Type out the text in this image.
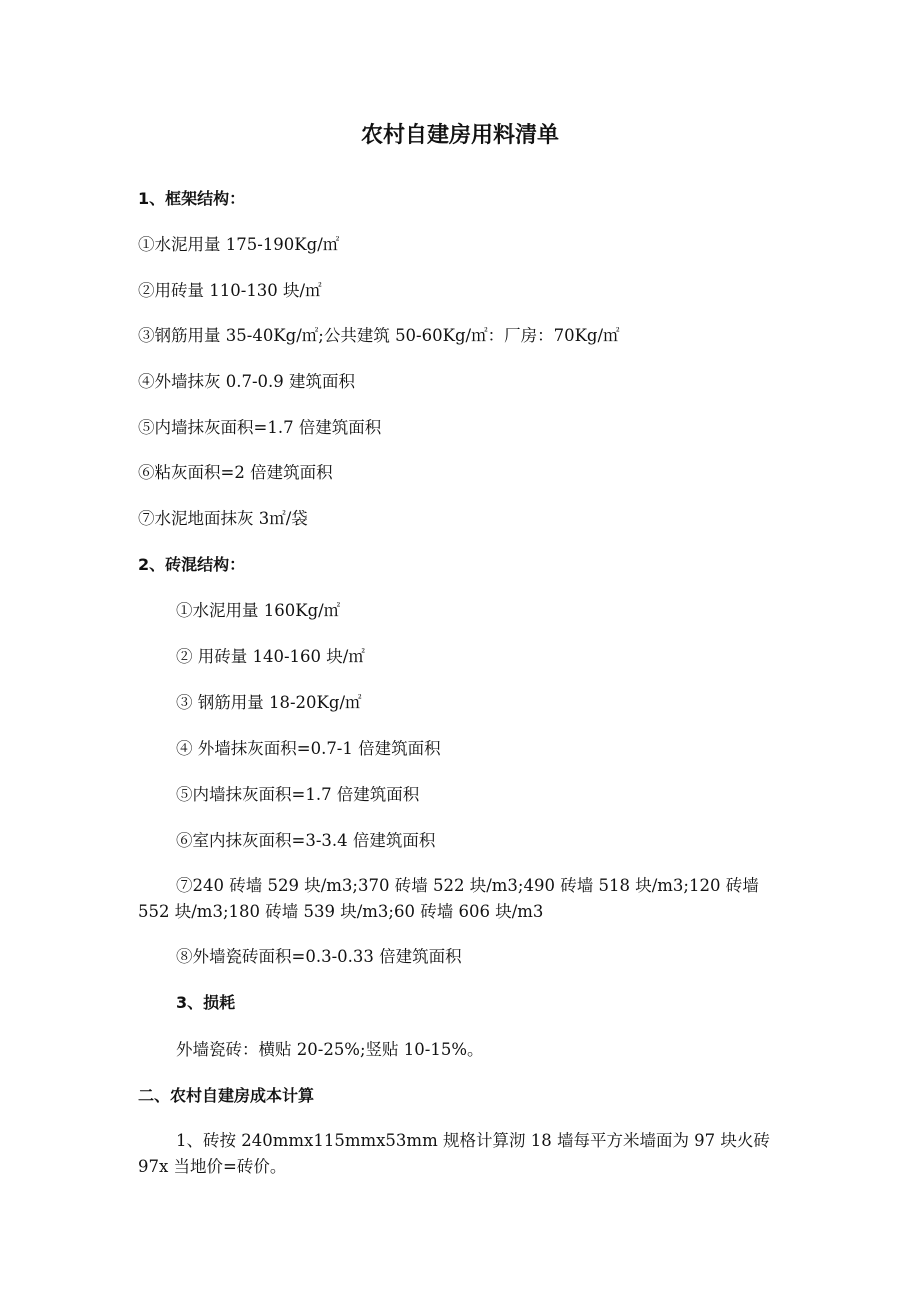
农村自建房用料清单
1、框架结构：
①水泥用量 175-190Kg/㎡
②用砖量 110-130 块/㎡
③钢筋用量 35-40Kg/㎡;公共建筑 50-60Kg/㎡：厂房：70Kg/㎡
④外墙抹灰 0.7-0.9 建筑面积
⑤内墙抹灰面积=1.7 倍建筑面积
⑥粘灰面积=2 倍建筑面积
⑦水泥地面抹灰 3㎡/袋
2、砖混结构：
①水泥用量 160Kg/㎡
② 用砖量 140-160 块/㎡
③ 钢筋用量 18-20Kg/㎡
④ 外墙抹灰面积=0.7-1 倍建筑面积
⑤内墙抹灰面积=1.7 倍建筑面积
⑥室内抹灰面积=3-3.4 倍建筑面积
⑦240 砖墙 529 块/m3;370 砖墙 522 块/m3;490 砖墙 518 块/m3;120 砖墙 552 块/m3;180 砖墙 539 块/m3;60 砖墙 606 块/m3
⑧外墙瓷砖面积=0.3-0.33 倍建筑面积
3、损耗
外墙瓷砖：横贴 20-25%;竖贴 10-15%。
二、农村自建房成本计算
1、砖按 240mmx115mmx53mm 规格计算沏 18 墙每平方米墙面为 97 块火砖 97x 当地价=砖价。
